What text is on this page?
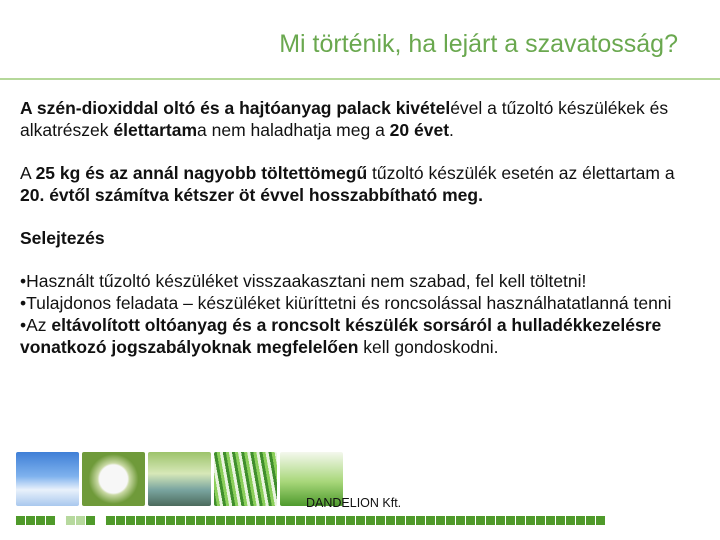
Mi történik, ha lejárt a szavatosság?

A szén-dioxiddal oltó és a hajtóanyag palack kivételével a tűzoltó készülékek és alkatrészek élettartama nem haladhatja meg a 20 évet.

A 25 kg és az annál nagyobb töltettömegű tűzoltó készülék esetén az élettartam a 20. évtől számítva kétszer öt évvel hosszabbítható meg.

Selejtezés

•Használt tűzoltó készüléket visszaakasztani nem szabad, fel kell töltetni!

•Tulajdonos feladata – készüléket kiüríttetni és roncsolással használhatatlanná tenni

•Az eltávolított oltóanyag és a roncsolt készülék sorsáról a hulladékkezelésre vonatkozó jogszabályoknak megfelelően kell gondoskodni.

DANDELION Kft.
